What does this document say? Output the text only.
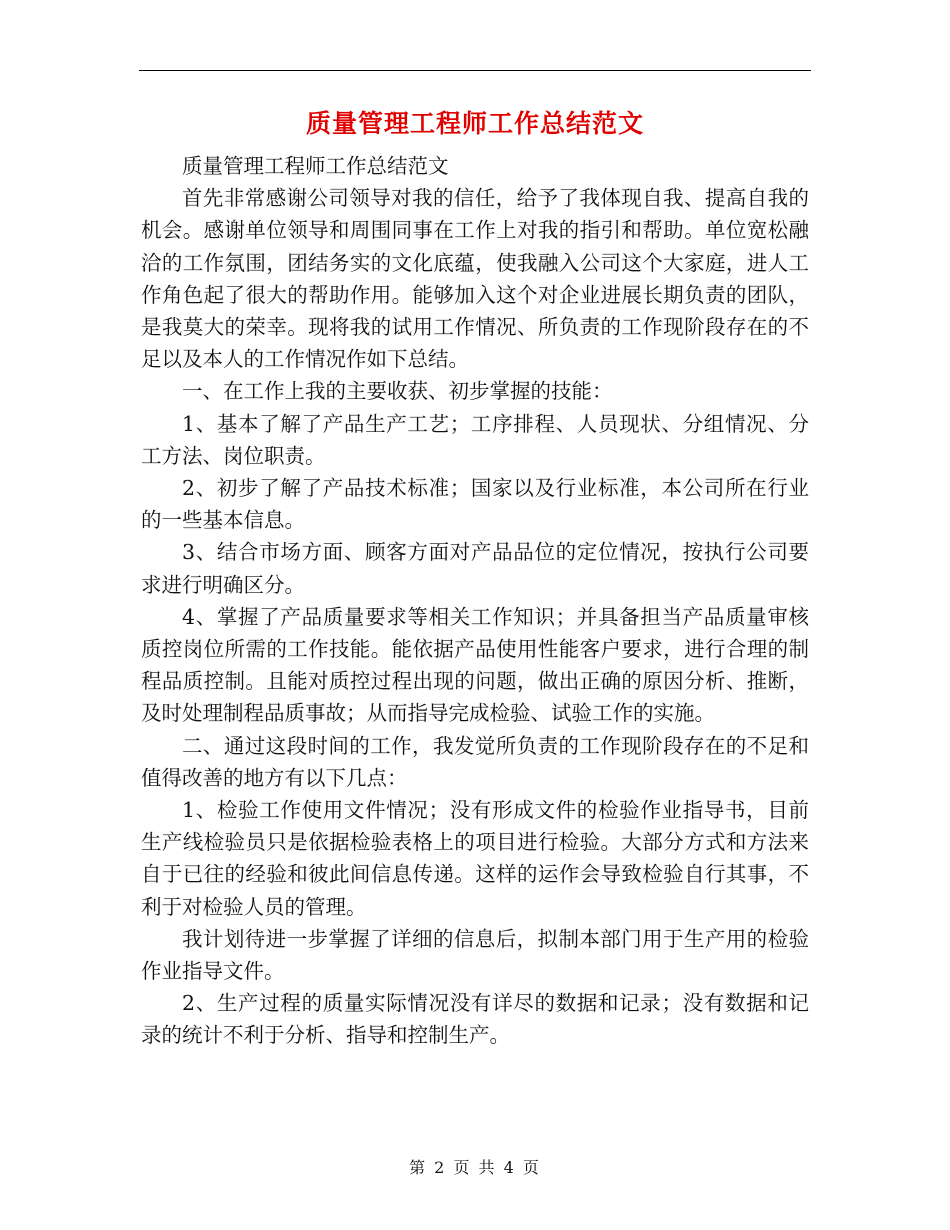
质量管理工程师工作总结范文

质量管理工程师工作总结范文

首先非常感谢公司领导对我的信任，给予了我体现自我、提高自我的机会。感谢单位领导和周围同事在工作上对我的指引和帮助。单位宽松融洽的工作氛围，团结务实的文化底蕴，使我融入公司这个大家庭，进人工作角色起了很大的帮助作用。能够加入这个对企业进展长期负责的团队，是我莫大的荣幸。现将我的试用工作情况、所负责的工作现阶段存在的不足以及本人的工作情况作如下总结。

一、在工作上我的主要收获、初步掌握的技能：

1、基本了解了产品生产工艺；工序排程、人员现状、分组情况、分工方法、岗位职责。

2、初步了解了产品技术标准；国家以及行业标准，本公司所在行业的一些基本信息。

3、结合市场方面、顾客方面对产品品位的定位情况，按执行公司要求进行明确区分。

4、掌握了产品质量要求等相关工作知识；并具备担当产品质量审核质控岗位所需的工作技能。能依据产品使用性能客户要求，进行合理的制程品质控制。且能对质控过程出现的问题，做出正确的原因分析、推断，及时处理制程品质事故；从而指导完成检验、试验工作的实施。

二、通过这段时间的工作，我发觉所负责的工作现阶段存在的不足和值得改善的地方有以下几点：

1、检验工作使用文件情况；没有形成文件的检验作业指导书，目前生产线检验员只是依据检验表格上的项目进行检验。大部分方式和方法来自于已往的经验和彼此间信息传递。这样的运作会导致检验自行其事，不利于对检验人员的管理。

我计划待进一步掌握了详细的信息后，拟制本部门用于生产用的检验作业指导文件。

2、生产过程的质量实际情况没有详尽的数据和记录；没有数据和记录的统计不利于分析、指导和控制生产。

第 2 页 共 4 页
